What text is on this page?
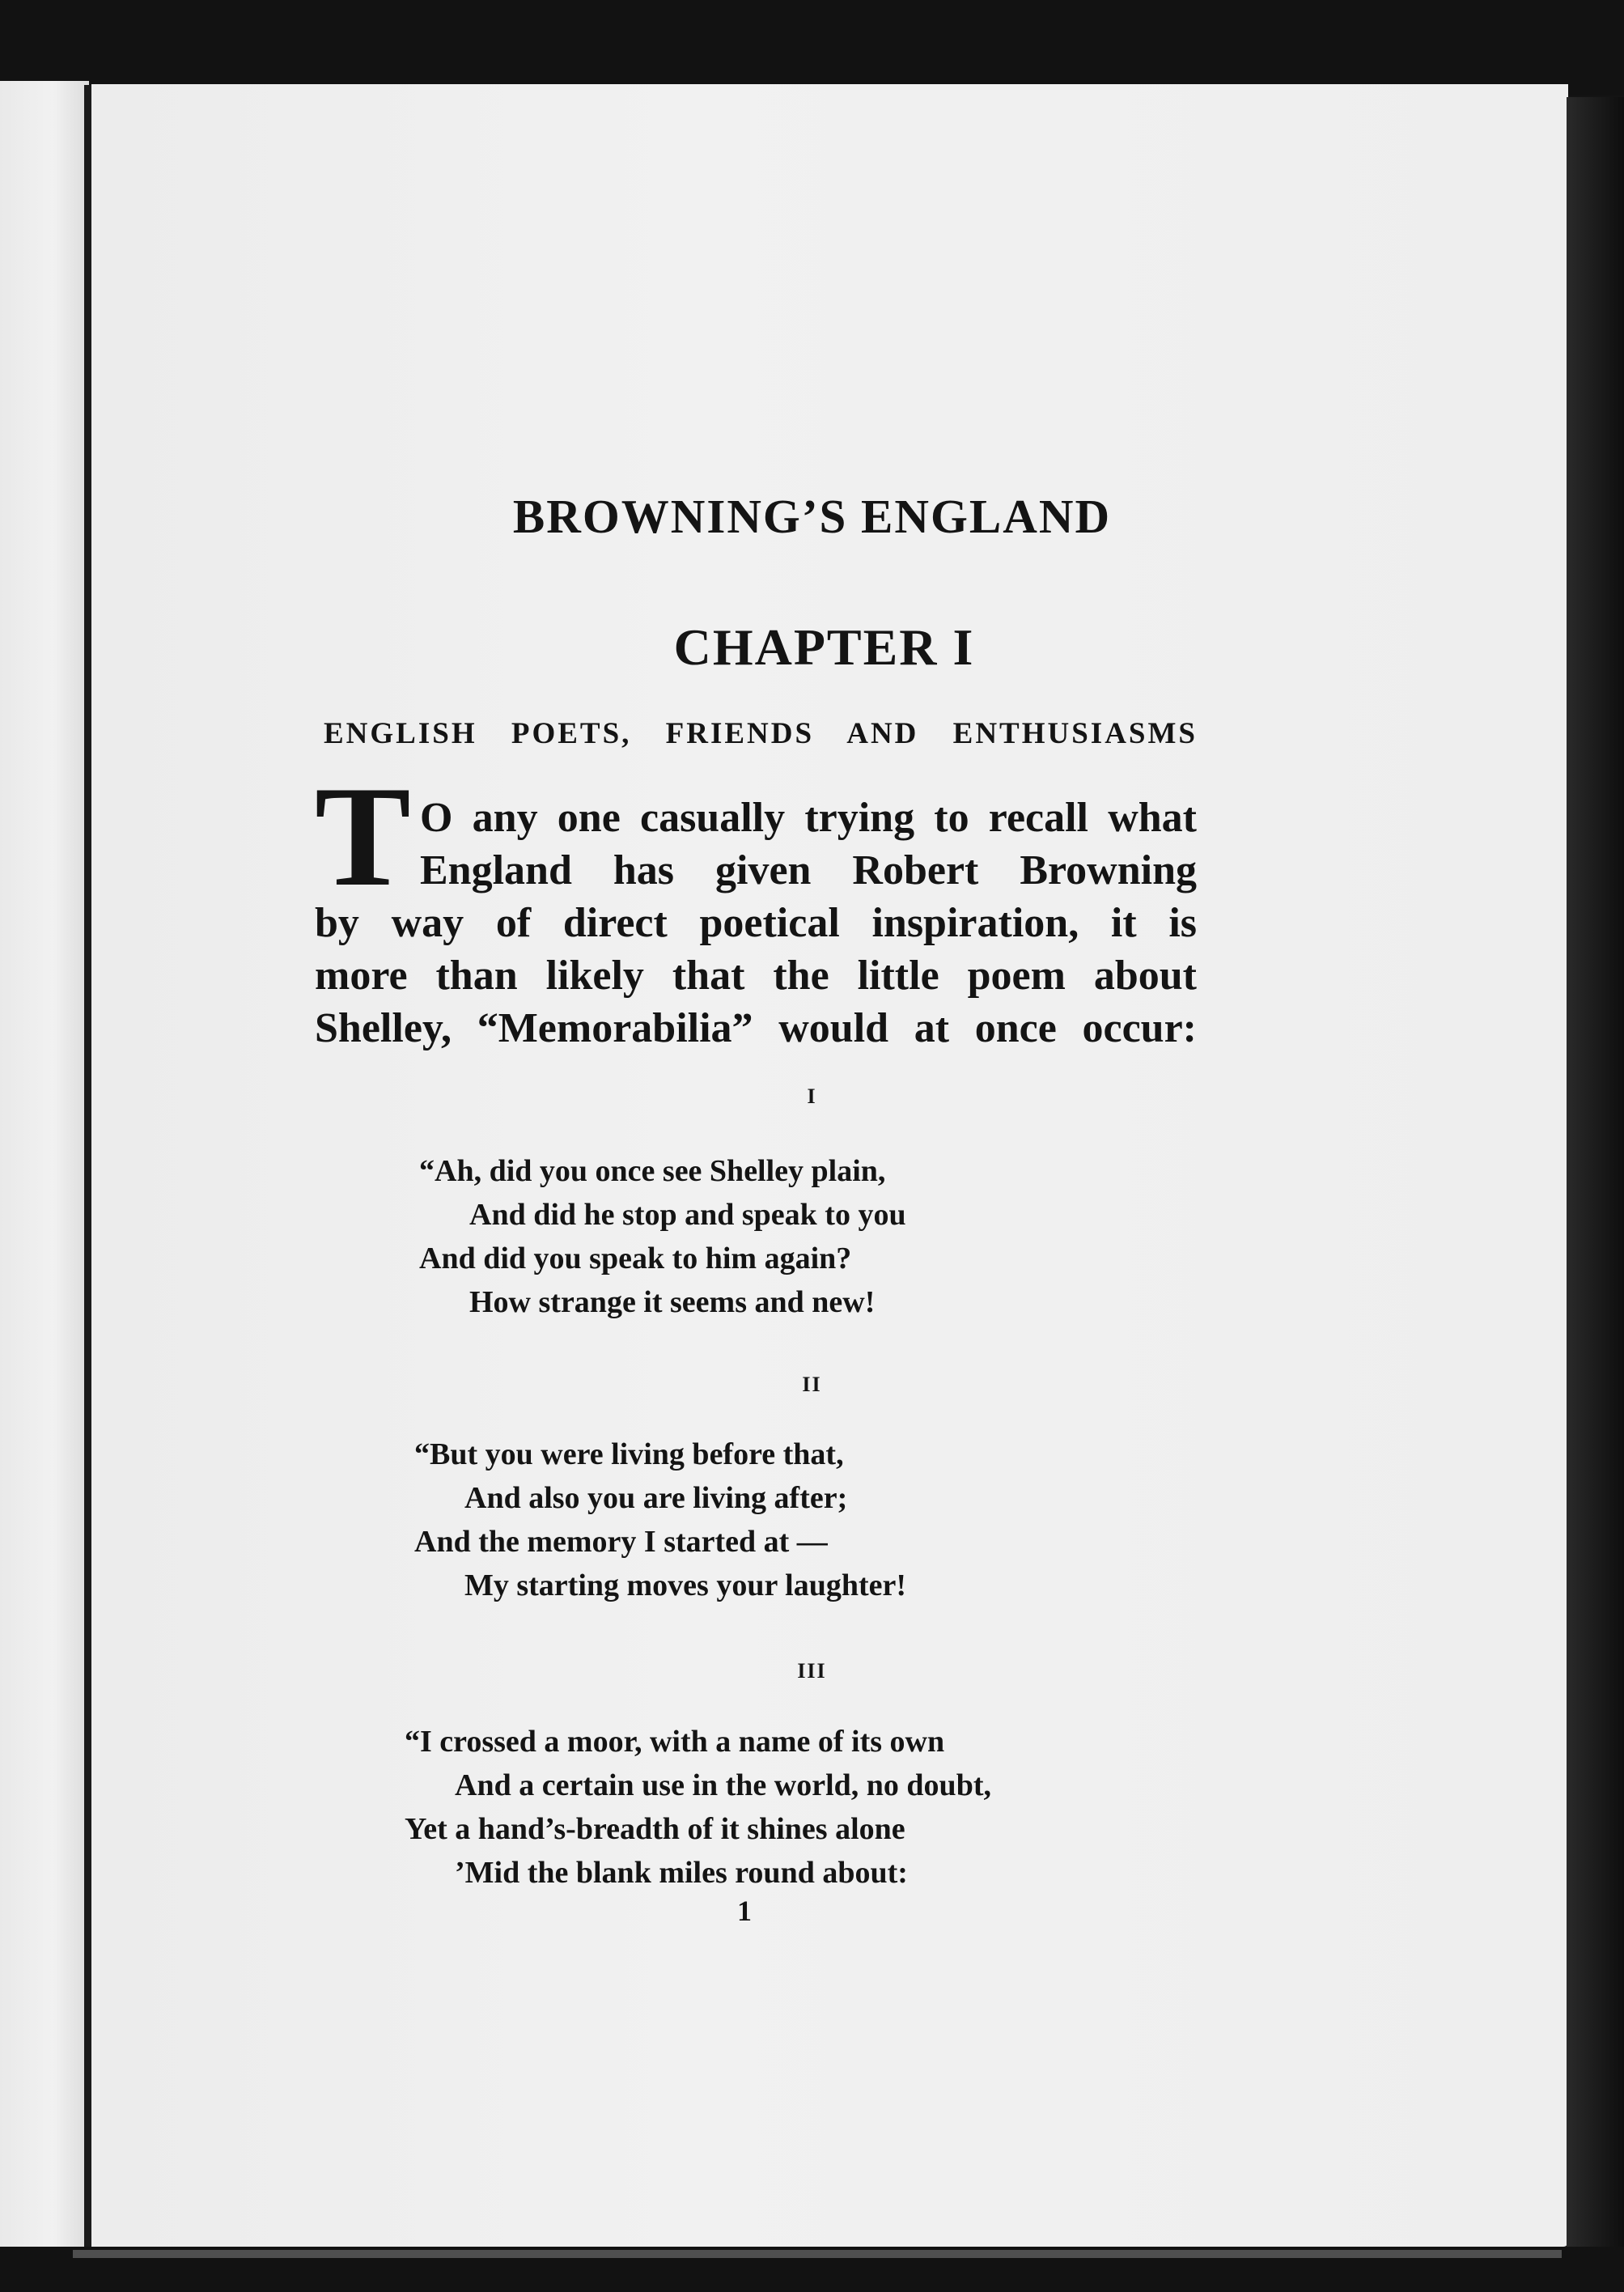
BROWNING’S ENGLAND
CHAPTER I
ENGLISH POETS, FRIENDS AND ENTHUSIASMS
T O any one casually trying to recall what
England has given Robert Browning
by way of direct poetical inspiration, it is
more than likely that the little poem about
Shelley, “Memorabilia” would at once occur:
I
“Ah, did you once see Shelley plain,
And did he stop and speak to you
And did you speak to him again?
How strange it seems and new!
II
“But you were living before that,
And also you are living after;
And the memory I started at —
My starting moves your laughter!
III
“I crossed a moor, with a name of its own
And a certain use in the world, no doubt,
Yet a hand’s-breadth of it shines alone
’Mid the blank miles round about:
1
